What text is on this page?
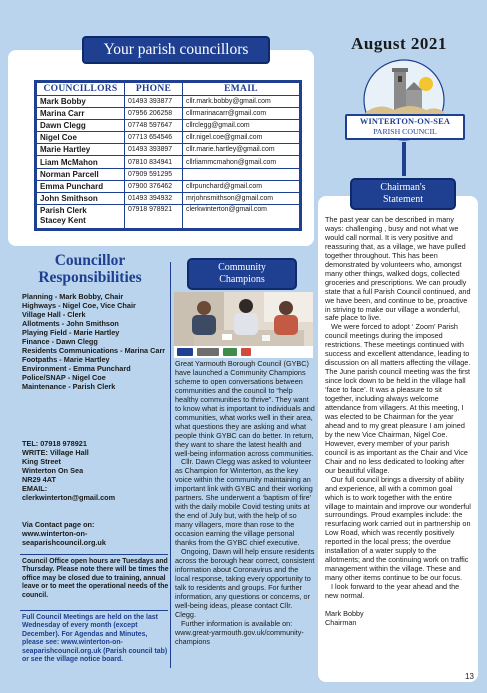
Your parish councillors
COUNCILLORS	PHONE	EMAIL
Mark Bobby	01493 393877	cllr.mark.bobby@gmail.com
Marina Carr	07956 206258	cllrmarinacarr@gmail.com
Dawn Clegg	07748 597647	cllrclegg@gmail.com
Nigel Coe	07713 654546	cllr.nigel.coe@gmail.com
Marie Hartley	01493 393897	cllr.marie.hartley@gmail.com
Liam McMahon	07810 834941	cllrliammcmahon@gmail.com
Norman Parcell	07909 591295	
Emma Punchard	07900 376462	cllrpunchard@gmail.com
John Smithson	01493 394932	mrjohnsmithson@gmail.com

Parish Clerk
Stacey Kent	07918 978921	clerkwinterton@gmail.com
August 2021
WINTERTON-ON-SEA
PARISH COUNCIL

The past year can be described in many ways: challenging , busy and not what we would call normal. It is very positive and reassuring that, as a village, we have pulled together throughout. This has been demonstrated by volunteers who, amongst many other things, walked dogs, collected groceries and prescriptions. We can proudly state that a full Parish Council continued, and we have been, and continue to be, proactive in striving to make our village a wonderful, safe place to live.

We were forced to adopt ‘ Zoom’ Parish council meetings during the imposed restrictions. These meetings continued with success and excellent attendance, leading to discussion on all matters affecting the village. The June parish council meeting was the first since lock down to be held in the village hall ‘face to face’. It was a pleasure to sit together, including always welcome attendance from villagers. At this meeting, I was elected to be Chairman for the year ahead and to my great pleasure I am joined by the new Vice Chairman, Nigel Coe. However, every member of your parish council is as important as the Chair and Vice Chair and no less dedicated to looking after our beautiful village.

Our full council brings a diversity of ability and experience, all with a common goal which is to work together with the entire village to maintain and improve our wonderful surroundings. Proud examples include: the resurfacing work carried out in partnership on Low Road, which was recently positively reported in the local press; the overdue installation of a water supply to the allotments; and the continuing work on traffic management within the village. These and many other items continue to be our focus.

I look forward to the year ahead and the new normal.

Mark Bobby

Chairman

Chairman's
Statement
Councillor
Responsibilities
Planning - Mark Bobby, Chair
Highways - Nigel Coe, Vice Chair
Village Hall - Clerk
Allotments - John Smithson
Playing Field - Marie Hartley
Finance - Dawn Clegg
Residents Communications - Marina Carr
Footpaths - Marie Hartley
Environment - Emma Punchard
Police/SNAP - Nigel Coe
Maintenance - Parish Clerk
TEL: 07918 978921
WRITE: Village Hall
King Street
Winterton On Sea
NR29 4AT
EMAIL:
clerkwinterton@gmail.com
Via Contact page on:
www.winterton-on-seaparishcouncil.org.uk
Council Office open hours are Tuesdays and Thursday. Please note there will be times the office may be closed due to training, annual leave or to meet the operational needs of the council.
Full Council Meetings are held on the last Wednesday of every month (except December). For Agendas and Minutes, please see: www.winterton-on-seaparishcouncil.org.uk (Parish council tab) or see the village notice board.
Community
Champions

Great Yarmouth Borough Council (GYBC) have launched a Community Champions scheme to open conversations between communities and the council to “help healthy communities to thrive”. They want to know what is important to individuals and communities, what works well in their area, what questions they are asking and what people think GYBC can do better. In return, they want to share the latest health and well-being information across communities.

Cllr. Dawn Clegg was asked to volunteer as Champion for Winterton, as the key voice within the community maintaining an important link with GYBC and their working partners. She underwent a ‘baptism of fire’ with the daily mobile Covid testing units at the end of July but, with the help of so many villagers, more than rose to the occasion earning the village personal thanks from the GYBC chief executive.

Ongoing, Dawn will help ensure residents across the borough hear correct, consistent information about Coronavirus and the local response, taking every opportunity to talk to residents and groups. For further information, any questions or concerns, or well-being ideas, please contact Cllr. Clegg.

Further information is available on: www.great-yarmouth.gov.uk/community-champions

13
